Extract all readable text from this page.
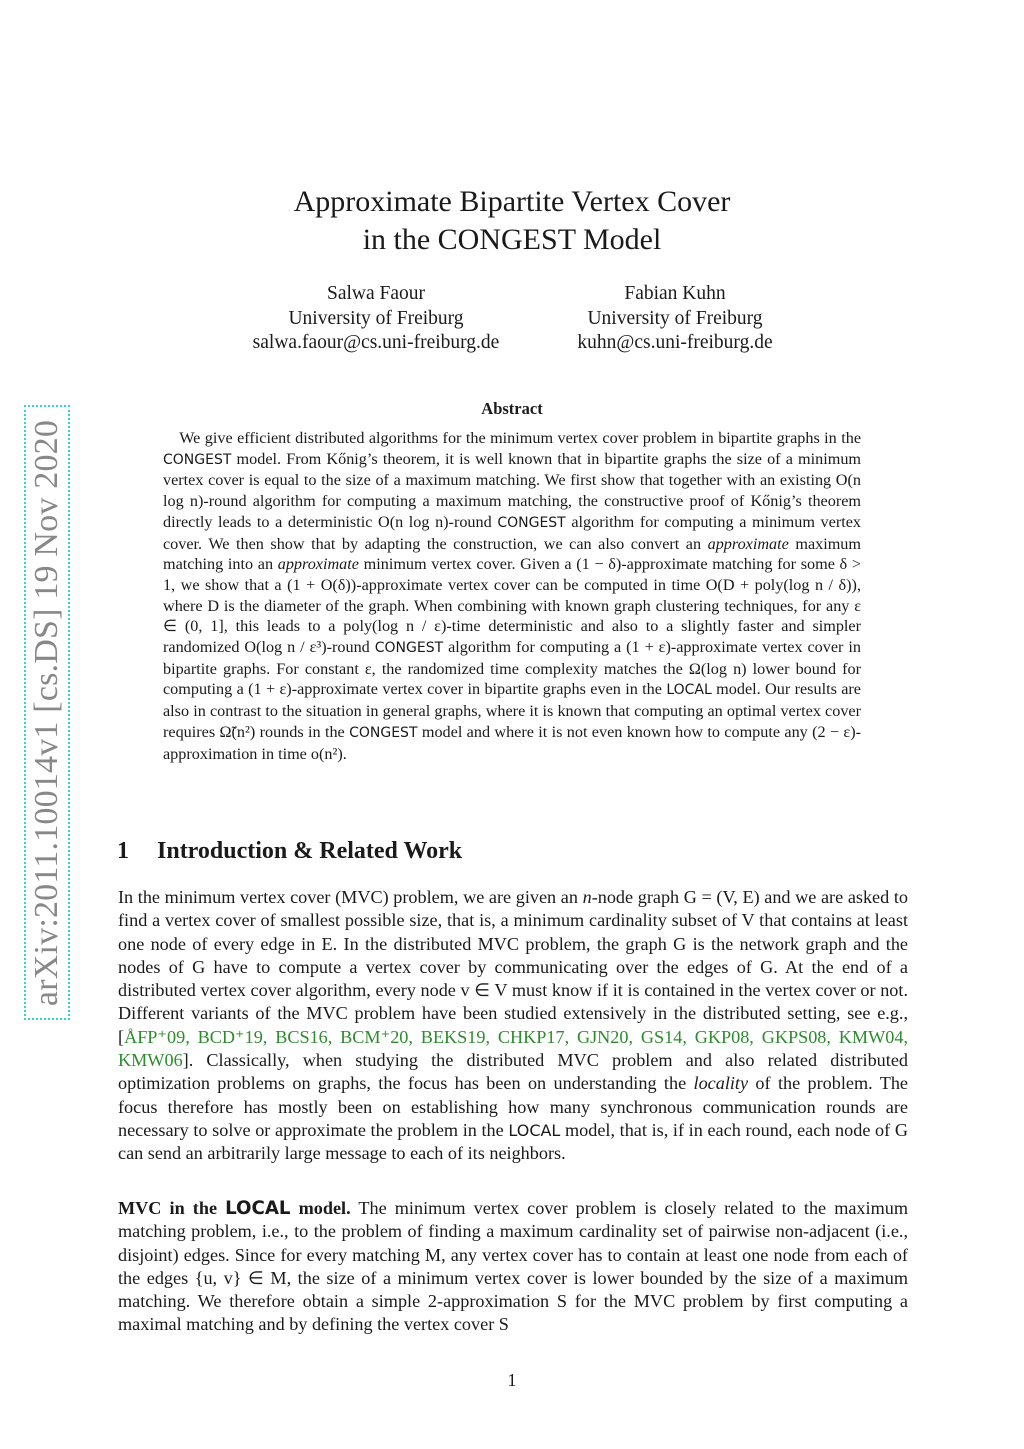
arXiv:2011.10014v1 [cs.DS] 19 Nov 2020
Approximate Bipartite Vertex Cover
in the CONGEST Model
Salwa Faour
University of Freiburg
salwa.faour@cs.uni-freiburg.de
Fabian Kuhn
University of Freiburg
kuhn@cs.uni-freiburg.de
Abstract

 We give efficient distributed algorithms for the minimum vertex cover problem in bipartite graphs in the CONGEST model. From Kőnig’s theorem, it is well known that in bipartite graphs the size of a minimum vertex cover is equal to the size of a maximum matching. We first show that together with an existing O(n log n)-round algorithm for computing a maximum matching, the constructive proof of Kőnig’s theorem directly leads to a deterministic O(n log n)-round CONGEST algorithm for computing a minimum vertex cover. We then show that by adapting the construction, we can also convert an approximate maximum matching into an approximate minimum vertex cover. Given a (1 − δ)-approximate matching for some δ > 1, we show that a (1 + O(δ))-approximate vertex cover can be computed in time O(D + poly(log n / δ)), where D is the diameter of the graph. When combining with known graph clustering techniques, for any ε ∈ (0, 1], this leads to a poly(log n / ε)-time deterministic and also to a slightly faster and simpler randomized O(log n / ε³)-round CONGEST algorithm for computing a (1 + ε)-approximate vertex cover in bipartite graphs. For constant ε, the randomized time complexity matches the Ω(log n) lower bound for computing a (1 + ε)-approximate vertex cover in bipartite graphs even in the LOCAL model. Our results are also in contrast to the situation in general graphs, where it is known that computing an optimal vertex cover requires Ω̃(n²) rounds in the CONGEST model and where it is not even known how to compute any (2 − ε)-approximation in time o(n²).

1 Introduction & Related Work

In the minimum vertex cover (MVC) problem, we are given an n-node graph G = (V, E) and we are asked to find a vertex cover of smallest possible size, that is, a minimum cardinality subset of V that contains at least one node of every edge in E. In the distributed MVC problem, the graph G is the network graph and the nodes of G have to compute a vertex cover by communicating over the edges of G. At the end of a distributed vertex cover algorithm, every node v ∈ V must know if it is contained in the vertex cover or not. Different variants of the MVC problem have been studied extensively in the distributed setting, see e.g., [ÅFP⁺09, BCD⁺19, BCS16, BCM⁺20, BEKS19, CHKP17, GJN20, GS14, GKP08, GKPS08, KMW04, KMW06]. Classically, when studying the distributed MVC problem and also related distributed optimization problems on graphs, the focus has been on understanding the locality of the problem. The focus therefore has mostly been on establishing how many synchronous communication rounds are necessary to solve or approximate the problem in the LOCAL model, that is, if in each round, each node of G can send an arbitrarily large message to each of its neighbors.

MVC in the LOCAL model. The minimum vertex cover problem is closely related to the maximum matching problem, i.e., to the problem of finding a maximum cardinality set of pairwise non-adjacent (i.e., disjoint) edges. Since for every matching M, any vertex cover has to contain at least one node from each of the edges {u, v} ∈ M, the size of a minimum vertex cover is lower bounded by the size of a maximum matching. We therefore obtain a simple 2-approximation S for the MVC problem by first computing a maximal matching and by defining the vertex cover S

1
